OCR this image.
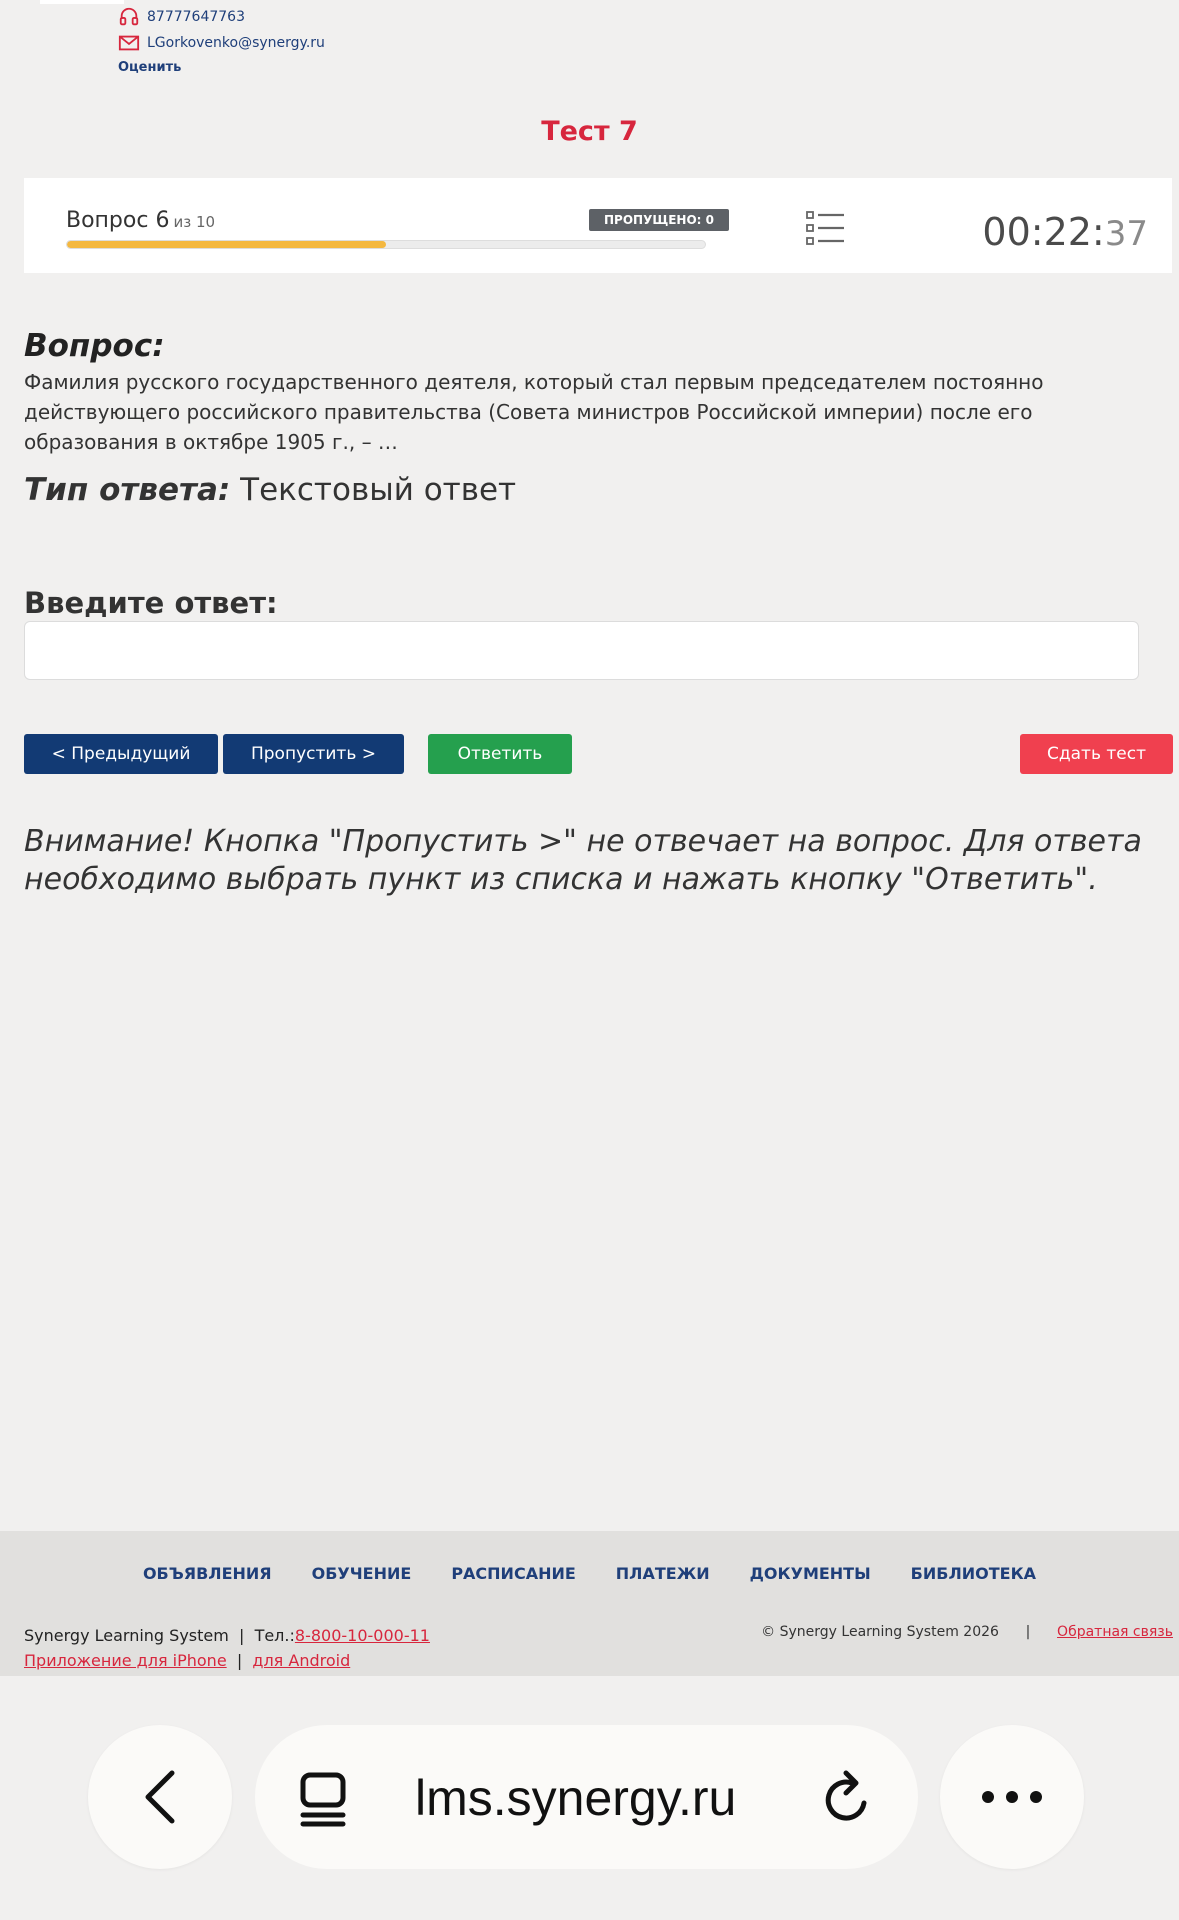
87777647763
LGorkovenko@synergy.ru
Оценить
Тест 7
Вопрос 6 из 10	ПРОПУЩЕНО: 0	00:22:37
Вопрос:
Фамилия русского государственного деятеля, который стал первым председателем постоянно действующего российского правительства (Совета министров Российской империи) после его образования в октябре 1905 г., – …
Тип ответа: Текстовый ответ
Введите ответ:
< Предыдущий	Пропустить >	Ответить	Сдать тест
Внимание! Кнопка "Пропустить >" не отвечает на вопрос. Для ответа необходимо выбрать пункт из списка и нажать кнопку "Ответить".
ОБЪЯВЛЕНИЯ	ОБУЧЕНИЕ	РАСПИСАНИЕ	ПЛАТЕЖИ	ДОКУМЕНТЫ	БИБЛИОТЕКА
Synergy Learning System | Тел.:8-800-10-000-11
Приложение для iPhone | для Android
© Synergy Learning System 2026 | Обратная связь
lms.synergy.ru
